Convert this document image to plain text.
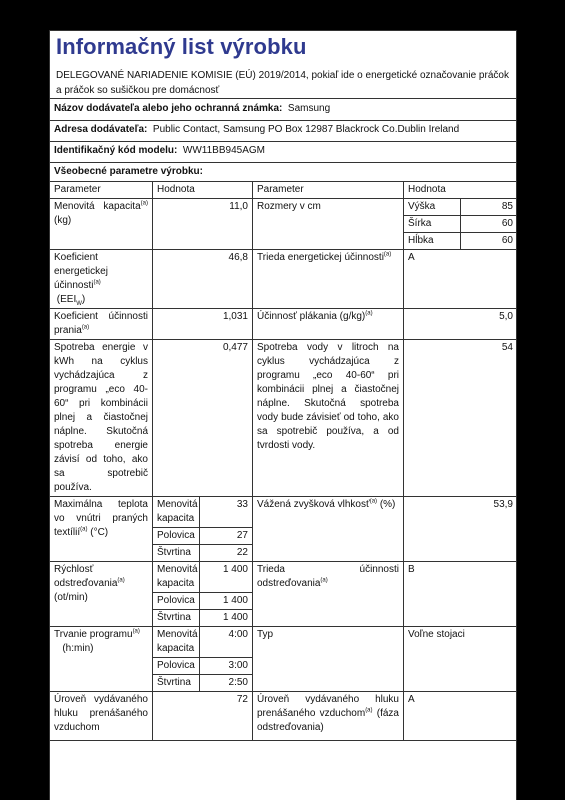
Informačný list výrobku
DELEGOVANÉ NARIADENIE KOMISIE (EÚ) 2019/2014, pokiaľ ide o energetické označovanie práčok a práčok so sušičkou pre domácnosť
Názov dodávateľa alebo jeho ochranná známka: Samsung
Adresa dodávateľa: Public Contact, Samsung PO Box 12987 Blackrock Co.Dublin Ireland
Identifikačný kód modelu: WW11BB945AGM
Všeobecné parametre výrobku:
Parameter	Hodnota		Parameter	Hodnota	
Menovitá kapacita$^{(a)}$ (kg)	11,0		Rozmery v cm	Výška	85
				Šírka	60
				Hĺbka	60
Koeficient energetickej účinnosti$^{(a)}$
$(EEI_W)$	46,8		Trieda energetickej účinnosti$^{(a)}$	A	
Koeficient účinnosti prania$^{(a)}$	1,031		Účinnosť plákania $(g/kg)^{(a)}$	5,0	
Spotreba energie v kWh na cyklus vychádzajúca z programu „eco 40-60“ pri kombinácii plnej a čiastočnej náplne. Skutočná spotreba energie závisí od toho, ako sa spotrebič používa.	0,477		Spotreba vody v litroch na cyklus vychádzajúca z programu „eco 40-60“ pri kombinácii plnej a čiastočnej náplne. Skutočná spotreba vody bude závisieť od toho, ako sa spotrebič používa, a od tvrdosti vody.	54	
Maximálna teplota vo vnútri praných textílií$^{(a)}$ (°C)	Menovitá kapacita	33	Vážená zvyšková vlhkosť$^{(a)}$ (%)	53,9	
	Polovica	27			
	Štvrtina	22			
Rýchlosť odstreďovania$^{(a)}$ (ot/min)	Menovitá kapacita	1 400	Trieda účinnosti odstreďovania$^{(a)}$	B	
	Polovica	1 400			
	Štvrtina	1 400			
Trvanie programu$^{(a)}$
(h:min)	Menovitá kapacita	4:00	Typ	Voľne stojaci	
	Polovica	3:00			
	Štvrtina	2:50			
Úroveň vydávaného hluku prenášaného vzduchom	72		Úroveň vydávaného hluku prenášaného vzduchom$^{(a)}$ (fáza odstreďovania)	A	
